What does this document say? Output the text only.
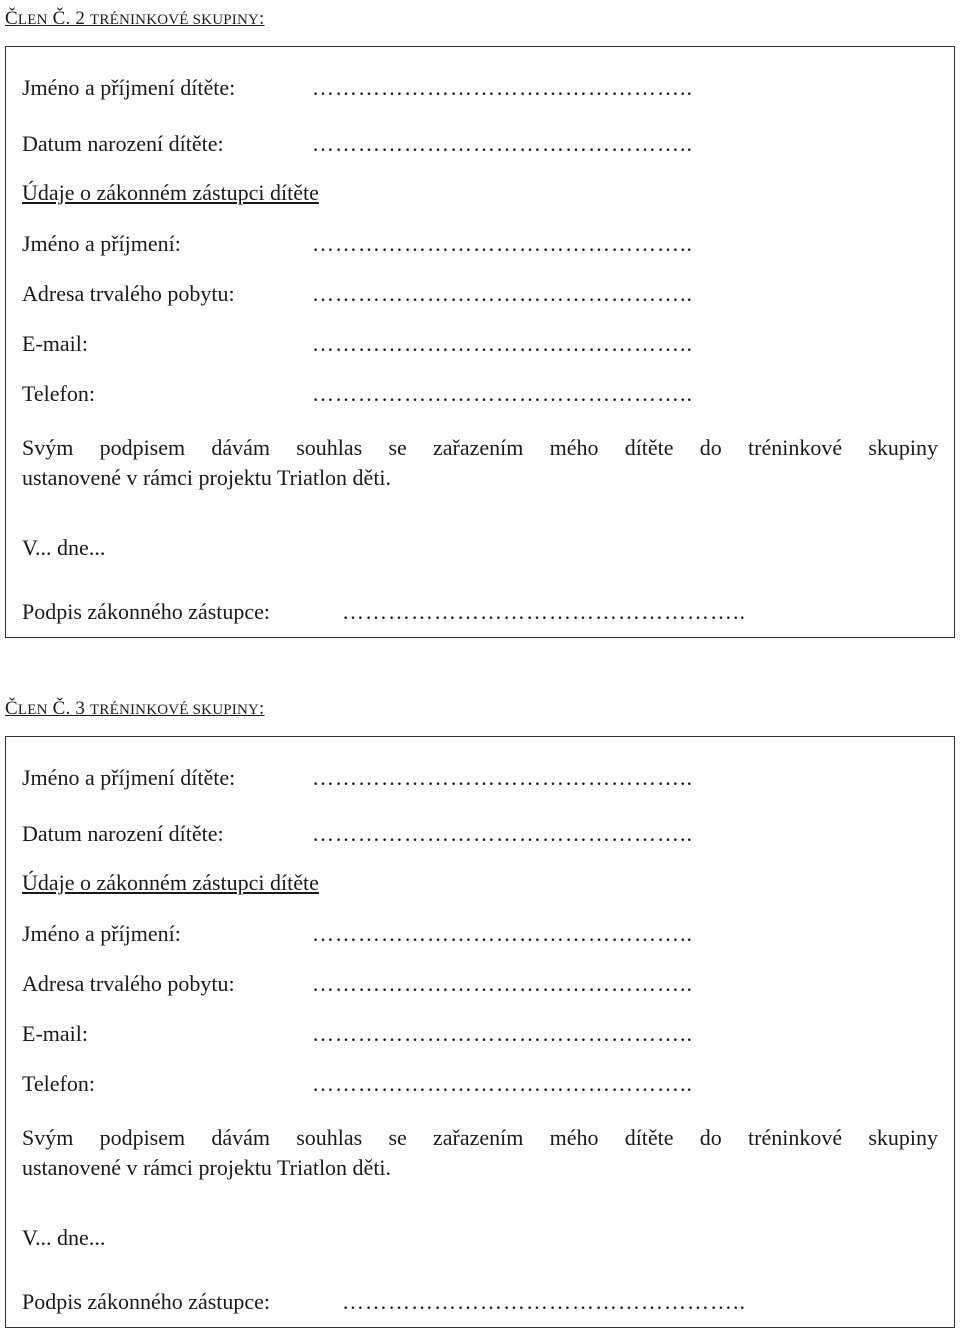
ČLEN Č. 2 TRÉNINKOVÉ SKUPINY:
Jméno a příjmení dítěte:	…………………………………………..
Datum narození dítěte:	…………………………………………..
Údaje o zákonném zástupci dítěte
Jméno a příjmení:	…………………………………………..
Adresa trvalého pobytu:	…………………………………………..
E-mail:	…………………………………………..
Telefon:	…………………………………………..
Svým podpisem dávám souhlas se zařazením mého dítěte do tréninkové skupiny
ustanovené v rámci projektu Triatlon děti.
V... dne...
Podpis zákonného zástupce:	……………………………………………..
ČLEN Č. 3 TRÉNINKOVÉ SKUPINY:
Jméno a příjmení dítěte:	…………………………………………..
Datum narození dítěte:	…………………………………………..
Údaje o zákonném zástupci dítěte
Jméno a příjmení:	…………………………………………..
Adresa trvalého pobytu:	…………………………………………..
E-mail:	…………………………………………..
Telefon:	…………………………………………..
Svým podpisem dávám souhlas se zařazením mého dítěte do tréninkové skupiny
ustanovené v rámci projektu Triatlon děti.
V... dne...
Podpis zákonného zástupce:	……………………………………………..
